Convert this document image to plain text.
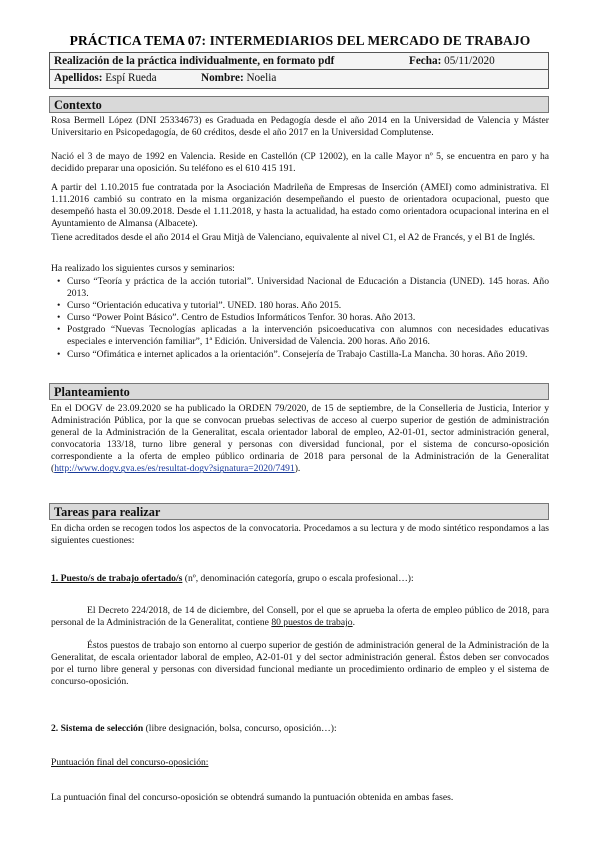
PRÁCTICA TEMA 07: INTERMEDIARIOS DEL MERCADO DE TRABAJO
Realización de la práctica individualmente, en formato pdf	Fecha: 05/11/2020
Apellidos: Espí Rueda	Nombre: Noelia
Contexto
Rosa Bermell López (DNI 25334673) es Graduada en Pedagogía desde el año 2014 en la Universidad de Valencia y Máster Universitario en Psicopedagogía, de 60 créditos, desde el año 2017 en la Universidad Complutense.
Nació el 3 de mayo de 1992 en Valencia. Reside en Castellón (CP 12002), en la calle Mayor nº 5, se encuentra en paro y ha decidido preparar una oposición. Su teléfono es el 610 415 191.
A partir del 1.10.2015 fue contratada por la Asociación Madrileña de Empresas de Inserción (AMEI) como administrativa. El 1.11.2016 cambió su contrato en la misma organización desempeñando el puesto de orientadora ocupacional, puesto que desempeñó hasta el 30.09.2018. Desde el 1.11.2018, y hasta la actualidad, ha estado como orientadora ocupacional interina en el Ayuntamiento de Almansa (Albacete).
Tiene acreditados desde el año 2014 el Grau Mitjà de Valenciano, equivalente al nivel C1, el A2 de Francés, y el B1 de Inglés.
Ha realizado los siguientes cursos y seminarios:
• Curso “Teoría y práctica de la acción tutorial”. Universidad Nacional de Educación a Distancia (UNED). 145 horas. Año 2013.
• Curso “Orientación educativa y tutorial”. UNED. 180 horas. Año 2015.
• Curso “Power Point Básico”. Centro de Estudios Informáticos Tenfor. 30 horas. Año 2013.
• Postgrado “Nuevas Tecnologías aplicadas a la intervención psicoeducativa con alumnos con necesidades educativas especiales e intervención familiar”, 1ª Edición. Universidad de Valencia. 200 horas. Año 2016.
• Curso “Ofimática e internet aplicados a la orientación”. Consejería de Trabajo Castilla-La Mancha. 30 horas. Año 2019.
Planteamiento
En el DOGV de 23.09.2020 se ha publicado la ORDEN 79/2020, de 15 de septiembre, de la Conselleria de Justicia, Interior y Administración Pública, por la que se convocan pruebas selectivas de acceso al cuerpo superior de gestión de administración general de la Administración de la Generalitat, escala orientador laboral de empleo, A2-01-01, sector administración general, convocatoria 133/18, turno libre general y personas con diversidad funcional, por el sistema de concurso-oposición correspondiente a la oferta de empleo público ordinaria de 2018 para personal de la Administración de la Generalitat (http://www.dogv.gva.es/es/resultat-dogv?signatura=2020/7491).
Tareas para realizar
En dicha orden se recogen todos los aspectos de la convocatoria. Procedamos a su lectura y de modo sintético respondamos a las siguientes cuestiones:
1. Puesto/s de trabajo ofertado/s (nº, denominación categoría, grupo o escala profesional…):
El Decreto 224/2018, de 14 de diciembre, del Consell, por el que se aprueba la oferta de empleo público de 2018, para personal de la Administración de la Generalitat, contiene 80 puestos de trabajo.
Éstos puestos de trabajo son entorno al cuerpo superior de gestión de administración general de la Administración de la Generalitat, de escala orientador laboral de empleo, A2-01-01 y del sector administración general. Éstos deben ser convocados por el turno libre general y personas con diversidad funcional mediante un procedimiento ordinario de empleo y el sistema de concurso-oposición.
2. Sistema de selección (libre designación, bolsa, concurso, oposición…):
Puntuación final del concurso-oposición:
La puntuación final del concurso-oposición se obtendrá sumando la puntuación obtenida en ambas fases.
